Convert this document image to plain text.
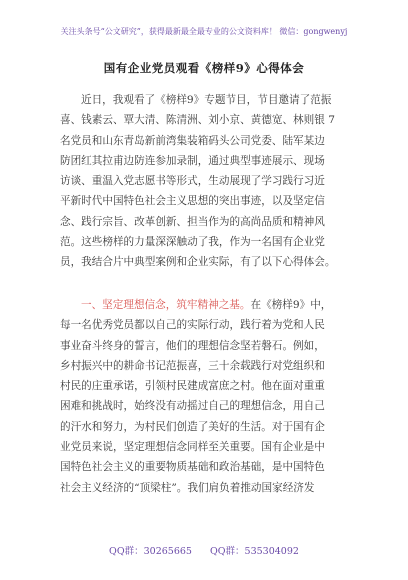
关注头条号“公文研究”，获得最新最全最专业的公文资料库！ 微信：gongwenyj
国有企业党员观看《榜样9》心得体会
近日，我观看了《榜样9》专题节目，节目邀请了范振
喜、钱素云、覃大清、陈清洲、刘小京、黄德宽、林则银 7
名党员和山东青岛新前湾集装箱码头公司党委、陆军某边
防团红其拉甫边防连参加录制，通过典型事迹展示、现场
访谈、重温入党志愿书等形式，生动展现了学习践行习近
平新时代中国特色社会主义思想的突出事迹，以及坚定信
念、践行宗旨、改革创新、担当作为的高尚品质和精神风
范。这些榜样的力量深深触动了我，作为一名国有企业党
员，我结合片中典型案例和企业实际，有了以下心得体会。
一、坚定理想信念，筑牢精神之基。在《榜样9》中，
每一名优秀党员都以自己的实际行动，践行着为党和人民
事业奋斗终身的誓言，他们的理想信念坚若磐石。例如，
乡村振兴中的耕命书记范振喜，三十余载践行对党组织和
村民的庄重承诺，引领村民建成富庶之村。他在面对重重
困难和挑战时，始终没有动摇过自己的理想信念，用自己
的汗水和努力，为村民们创造了美好的生活。对于国有企
业党员来说，坚定理想信念同样至关重要。国有企业是中
国特色社会主义的重要物质基础和政治基础，是中国特色
社会主义经济的“顶梁柱”。我们肩负着推动国家经济发
QQ群：30265665 QQ群：535304092
